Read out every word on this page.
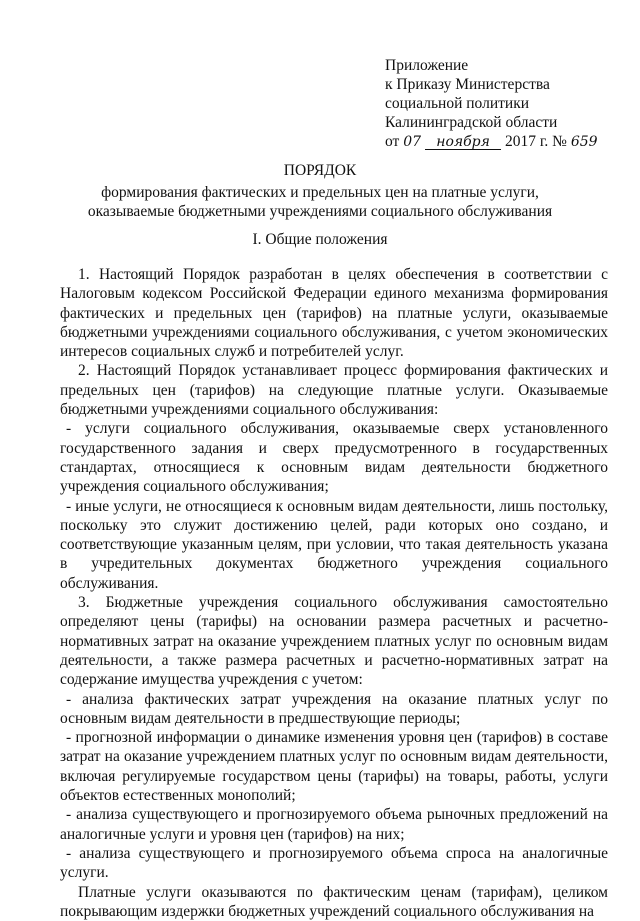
Приложение
к Приказу Министерства
социальной политики
Калининградской области
от 07 ноября 2017 г. № 659
ПОРЯДОК
формирования фактических и предельных цен на платные услуги,
оказываемые бюджетными учреждениями социального обслуживания
I. Общие положения

1. Настоящий Порядок разработан в целях обеспечения в соответствии с Налоговым кодексом Российской Федерации единого механизма формирования фактических и предельных цен (тарифов) на платные услуги, оказываемые бюджетными учреждениями социального обслуживания, с учетом экономических интересов социальных служб и потребителей услуг.

2. Настоящий Порядок устанавливает процесс формирования фактических и предельных цен (тарифов) на следующие платные услуги. Оказываемые бюджетными учреждениями социального обслуживания:

- услуги социального обслуживания, оказываемые сверх установленного государственного задания и сверх предусмотренного в государственных стандартах, относящиеся к основным видам деятельности бюджетного учреждения социального обслуживания;

- иные услуги, не относящиеся к основным видам деятельности, лишь постольку, поскольку это служит достижению целей, ради которых оно создано, и соответствующие указанным целям, при условии, что такая деятельность указана в учредительных документах бюджетного учреждения социального обслуживания.

3. Бюджетные учреждения социального обслуживания самостоятельно определяют цены (тарифы) на основании размера расчетных и расчетно-нормативных затрат на оказание учреждением платных услуг по основным видам деятельности, а также размера расчетных и расчетно-нормативных затрат на содержание имущества учреждения с учетом:

- анализа фактических затрат учреждения на оказание платных услуг по основным видам деятельности в предшествующие периоды;

- прогнозной информации о динамике изменения уровня цен (тарифов) в составе затрат на оказание учреждением платных услуг по основным видам деятельности, включая регулируемые государством цены (тарифы) на товары, работы, услуги объектов естественных монополий;

- анализа существующего и прогнозируемого объема рыночных предложений на аналогичные услуги и уровня цен (тарифов) на них;

- анализа существующего и прогнозируемого объема спроса на аналогичные услуги.

Платные услуги оказываются по фактическим ценам (тарифам), целиком покрывающим издержки бюджетных учреждений социального обслуживания на
